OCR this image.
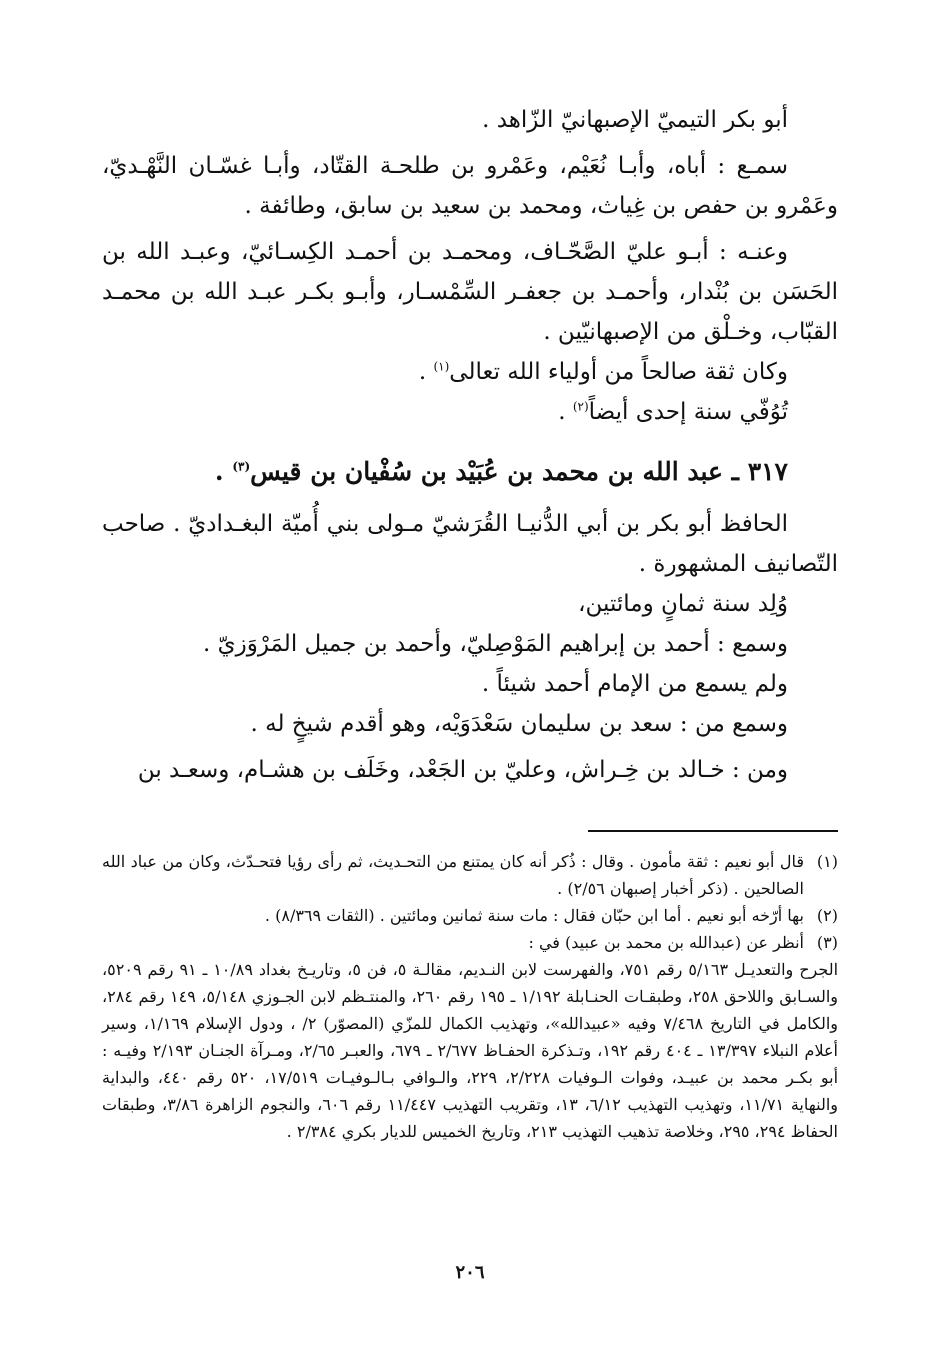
أبو بكر التيميّ الإصبهانيّ الزّاهد .

سمـع : أباه، وأبـا نُعَيْم، وعَمْرو بن طلحـة القتّاد، وأبـا غسّـان النَّهْـديّ، وعَمْرو بن حفص بن غِياث، ومحمد بن سعيد بن سابق، وطائفة .

وعنـه : أبـو عليّ الصَّحّـاف، ومحمـد بن أحمـد الكِسـائيّ، وعبـد الله بن الحَسَن بن بُنْدار، وأحمـد بن جعفـر السِّمْسـار، وأبـو بكـر عبـد الله بن محمـد القبّاب، وخـلْق من الإصبهانيّين .

وكان ثقة صالحاً من أولياء الله تعالى$^{(١)}$ .

تُوُفّي سنة إحدى أيضاً$^{(٢)}$ .

٣١٧ ـ عبد الله بن محمد بن عُبَيْد بن سُفْيان بن قيس$^{(٣)}$ .

الحافظ أبو بكر بن أبي الدُّنيـا القُرَشيّ مـولى بني أُميّة البغـداديّ . صاحب التّصانيف المشهورة .

وُلِد سنة ثمانٍ ومائتين،

وسمع : أحمد بن إبراهيم المَوْصِليّ، وأحمد بن جميل المَرْوَزيّ .

ولم يسمع من الإمام أحمد شيئاً .

وسمع من : سعد بن سليمان سَعْدَوَيْه، وهو أقدم شيخٍ له .

ومن : خـالد بن خِـراش، وعليّ بن الجَعْد، وخَلَف بن هشـام، وسعـد بن

(١)
قال أبو نعيم : ثقة مأمون . وقال : ذُكر أنه كان يمتنع من التحـديث، ثم رأى رؤيا فتحـدّث، وكان من عباد الله الصالحين . (ذكر أخبار إصبهان ٢/٥٦) .
(٢)
بها أرّخه أبو نعيم . أما ابن حبّان فقال : مات سنة ثمانين ومائتين . (الثقات ٨/٣٦٩) .
(٣)
أنظر عن (عبدالله بن محمد بن عبيد) في :

الجرح والتعديـل ٥/١٦٣ رقم ٧٥١، والفهرست لابن النـديم، مقالـة ٥، فن ٥، وتاريـخ بغداد ١٠/٨٩ ـ ٩١ رقم ٥٢٠٩، والسـابق واللاحق ٢٥٨، وطبقـات الحنـابلة ١/١٩٢ ـ ١٩٥ رقم ٢٦٠، والمنتـظم لابن الجـوزي ٥/١٤٨، ١٤٩ رقم ٢٨٤، والكامل في التاريخ ٧/٤٦٨ وفيه «عبيدالله»، وتهذيب الكمال للمزّي (المصوّر) ٢/ ، ودول الإسلام ١/١٦٩، وسير أعلام النبلاء ١٣/٣٩٧ ـ ٤٠٤ رقم ١٩٢، وتـذكرة الحفـاظ ٢/٦٧٧ ـ ٦٧٩، والعبـر ٢/٦٥، ومـرآة الجنـان ٢/١٩٣ وفيـه : أبو بكـر محمد بن عبيـد، وفوات الـوفيات ٢/٢٢٨، ٢٢٩، والـوافي بـالـوفيـات ١٧/٥١٩، ٥٢٠ رقم ٤٤٠، والبداية والنهاية ١١/٧١، وتهذيب التهذيب ٦/١٢، ١٣، وتقريب التهذيب ١١/٤٤٧ رقم ٦٠٦، والنجوم الزاهرة ٣/٨٦، وطبقات الحفاظ ٢٩٤، ٢٩٥، وخلاصة تذهيب التهذيب ٢١٣، وتاريخ الخميس للديار بكري ٢/٣٨٤ .

٢٠٦
